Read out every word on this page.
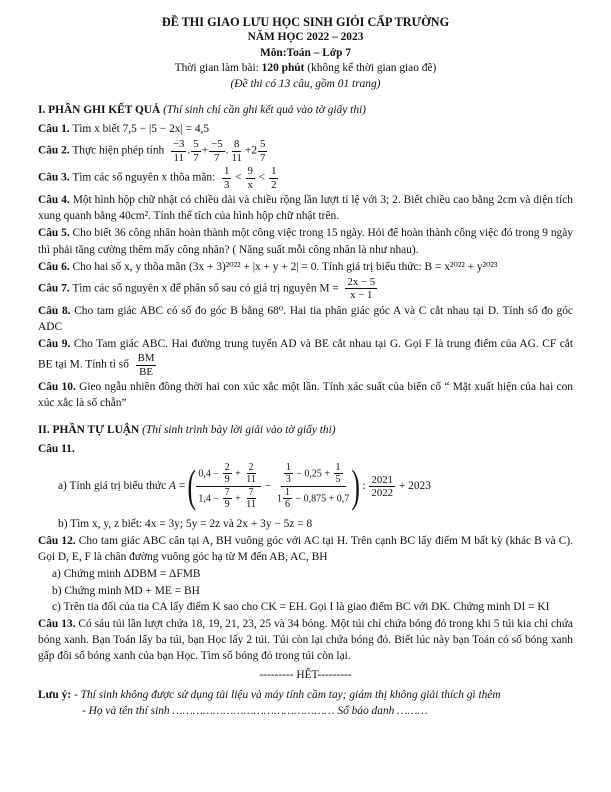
ĐỀ THI GIAO LƯU HỌC SINH GIỎI CẤP TRƯỜNG

NĂM HỌC 2022 – 2023

Môn:Toán – Lớp 7

Thời gian làm bài: 120 phút (không kể thời gian giao đề)

(Đề thi có 13 câu, gồm 01 trang)

I. PHẦN GHI KẾT QUẢ (Thí sinh chỉ cần ghi kết quả vào tờ giấy thi)
Câu 1. Tìm x biết 7,5 − |5 − 2x| = 4,5
Câu 2. Thực hiện phép tính $\frac{-3}{11}$ . $\frac{5}{7} + \frac{-5}{7}$ . $\frac{8}{11} +2 \frac{5}{7}$
Câu 3. Tìm các số nguyên x thõa mãn: $\frac{1}{3} < \frac{9}{x} < \frac{1}{2}$
Câu 4. Một hình hộp chữ nhật có chiều dài và chiều rộng lần lượt tỉ lệ với 3; 2. Biết chiều cao bằng 2cm và diện tích xung quanh bằng 40cm². Tính thể tích của hình hộp chữ nhật trên.
Câu 5. Cho biết 36 công nhân hoàn thành một công việc trong 15 ngày. Hỏi để hoàn thành công việc đó trong 9 ngày thì phải tăng cường thêm mấy công nhân? ( Năng suất mỗi công nhân là như nhau).
Câu 6. Cho hai số x, y thõa mãn (3x + 3)²⁰²² + |x + y + 2| = 0. Tính giá trị biểu thức: B = x²⁰²² + y²⁰²³
Câu 7. Tìm các số nguyên x để phân số sau có giá trị nguyên $M = \frac{2x - 5}{x - 1}$
Câu 8. Cho tam giác ABC có số đo góc B bằng 68⁰. Hai tia phân giác góc A và C cắt nhau tại D. Tính số đo góc ADC
Câu 9. Cho Tam giác ABC. Hai đường trung tuyến AD và BE cắt nhau tại G. Gọi F là trung điểm của AG. CF cắt BE tại M. Tính tỉ số $\frac{BM}{BE}$
Câu 10. Gieo ngẫu nhiên đồng thời hai con xúc xắc một lần. Tính xác suất của biến cố “ Mặt xuất hiện của hai con xúc xắc là số chẵn”
II. PHẦN TỰ LUẬN (Thí sinh trình bày lời giải vào tờ giấy thi)
Câu 11.
a) Tính giá trị biểu thức
A = ( $0,4 - \frac{2}{9} + \frac{2}{11}$
$1,4 - \frac{7}{9} + \frac{7}{11}$
−
$\frac{1}{3} - 0,25 + \frac{1}{5}$
$1 \frac{1}{6} - 0,875 + 0,7$ ) :
2021
2022
+ 2023
b) Tìm x, y, z biết: 4x = 3y; 5y = 2z và 2x + 3y − 5z = 8
Câu 12. Cho tam giác ABC cân tại A, BH vuông góc với AC tại H. Trên cạnh BC lấy điểm M bất kỳ (khác B và C). Gọi D, E, F là chân đường vuông góc hạ từ M đến AB, AC, BH
a) Chứng minh ΔDBM = ΔFMB
b) Chứng minh MD + ME = BH
c) Trên tia đối của tia CA lấy điểm K sao cho CK = EH. Gọi I là giao điểm BC với DK. Chứng minh DI = KI
Câu 13. Có sáu túi lần lượt chứa 18, 19, 21, 23, 25 và 34 bóng. Một túi chỉ chứa bóng đỏ trong khi 5 túi kia chỉ chứa bóng xanh. Bạn Toán lấy ba túi, bạn Học lấy 2 túi. Túi còn lại chứa bóng đỏ. Biết lúc này bạn Toán có số bóng xanh gấp đôi số bóng xanh của bạn Học. Tìm số bóng đỏ trong túi còn lại.
--------- HẾT---------
Lưu ý: - Thí sinh không được sử dụng tài liệu và máy tính cầm tay; giám thị không giải thích gì thêm
- Họ và tên thí sinh ………………………………………… Số báo danh ………
